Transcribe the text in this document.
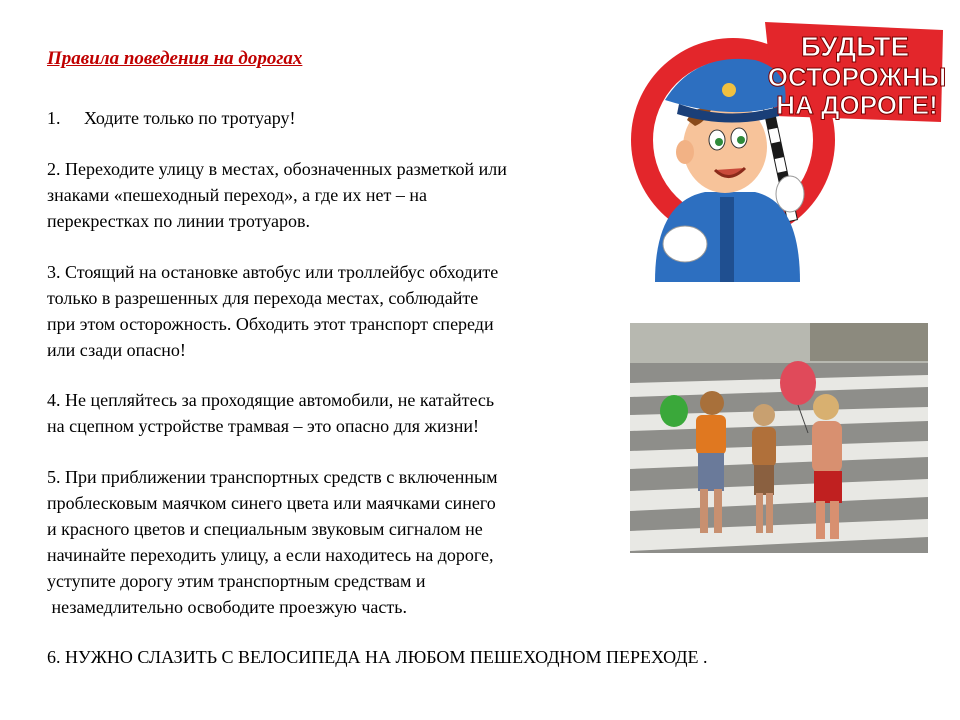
Правила поведения на дорогах
1. Ходите только по тротуару!
2. Переходите улицу в местах, обозначенных разметкой или
знаками «пешеходный переход», а где их нет – на
перекрестках по линии тротуаров.
3. Стоящий на остановке автобус или троллейбус обходите
только в разрешенных для перехода местах, соблюдайте
при этом осторожность. Обходить этот транспорт спереди
или сзади опасно!
4. Не цепляйтесь за проходящие автомобили, не катайтесь
на сцепном устройстве трамвая – это опасно для жизни!
5. При приближении транспортных средств с включенным
проблесковым маячком синего цвета или маячками синего
и красного цветов и специальным звуковым сигналом не
начинайте переходить улицу, а если находитесь на дороге,
уступите дорогу этим транспортным средствам и
незамедлительно освободите проезжую часть.
6. НУЖНО СЛАЗИТЬ С ВЕЛОСИПЕДА НА ЛЮБОМ ПЕШЕХОДНОМ ПЕРЕХОДЕ .
БУДЬТЕ
ОСТОРОЖНЫ
НА ДОРОГЕ!
